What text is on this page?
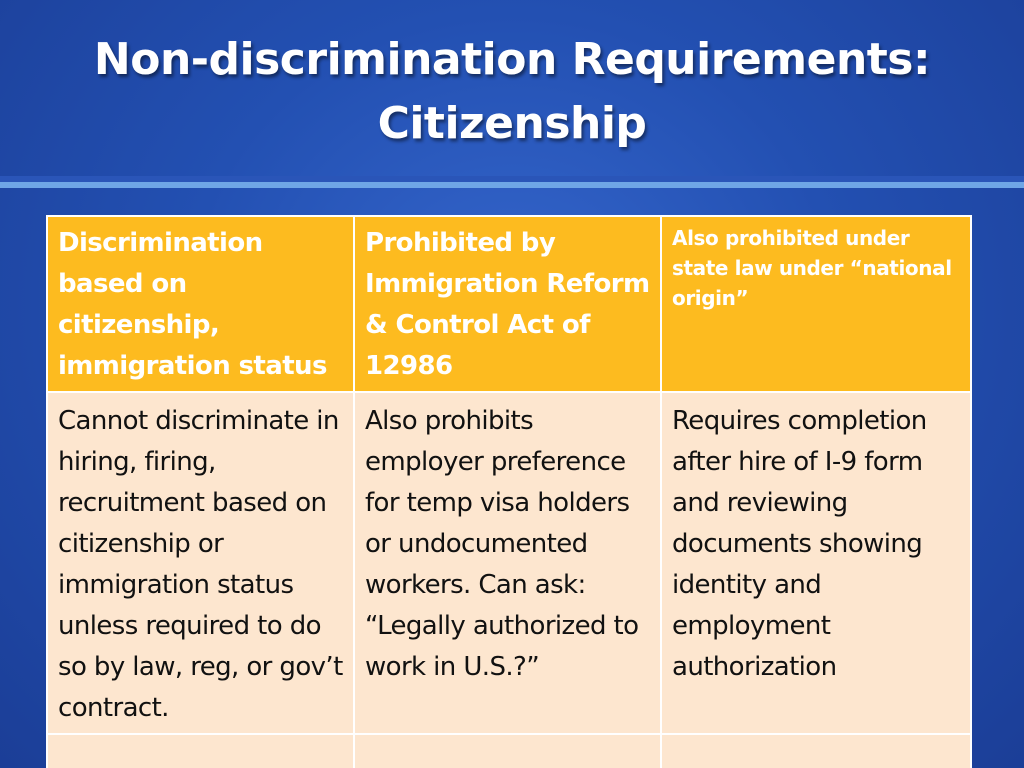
Non-discrimination Requirements:
Citizenship
Discrimination based on citizenship, immigration status	Prohibited by Immigration Reform & Control Act of 12986	Also prohibited under state law under “national origin”
Cannot discriminate in hiring, firing, recruitment based on citizenship or immigration status unless required to do so by law, reg, or gov’t contract.	Also prohibits employer preference for temp visa holders or undocumented workers. Can ask: “Legally authorized to work in U.S.?”	Requires completion after hire of I-9 form and reviewing documents showing identity and employment authorization
